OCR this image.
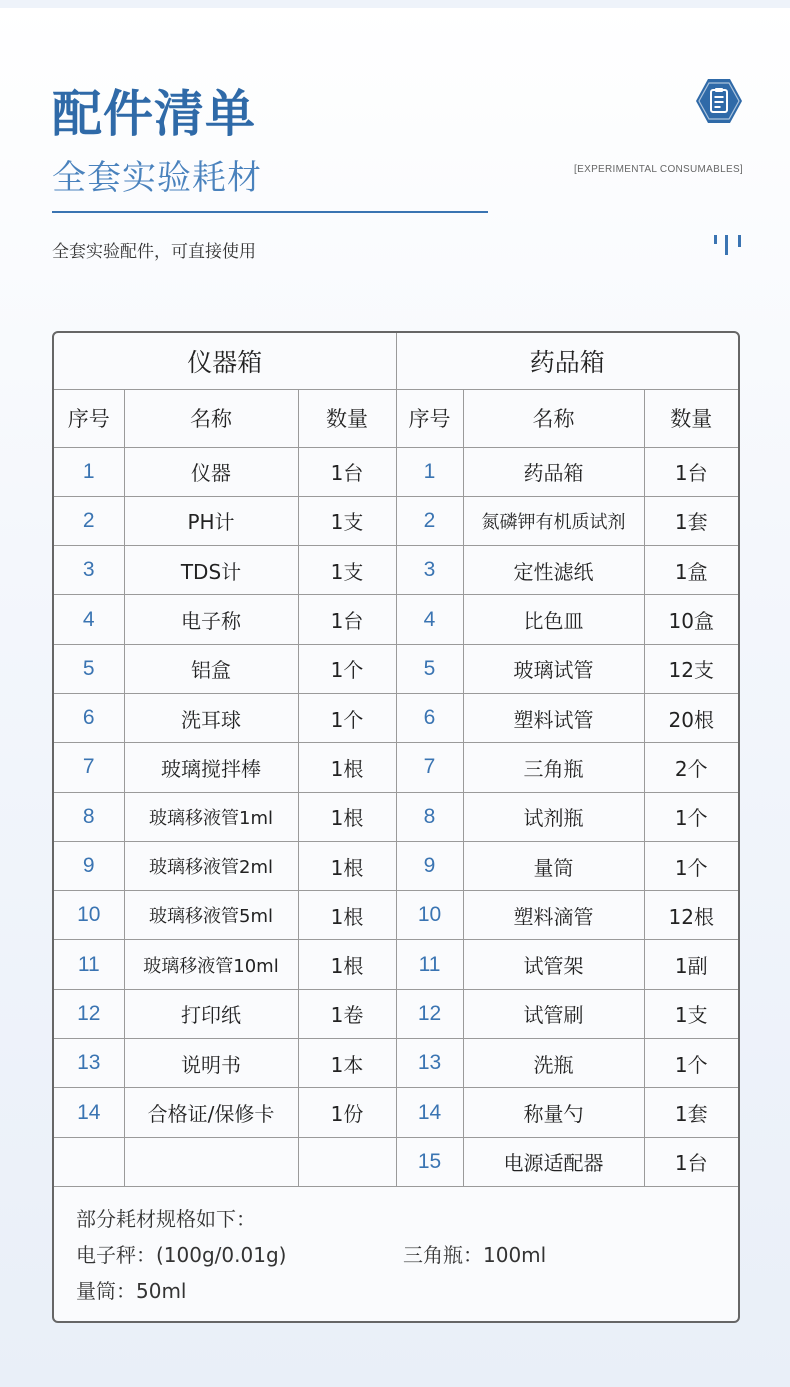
配件清单
全套实验耗材	[EXPERIMENTAL CONSUMABLES]
全套实验配件，可直接使用
仪器箱			药品箱		
序号	名称	数量	序号	名称	数量
1	仪器	1台	1	药品箱	1台
2	PH计	1支	2	氮磷钾有机质试剂	1套
3	TDS计	1支	3	定性滤纸	1盒
4	电子称	1台	4	比色皿	10盒
5	铝盒	1个	5	玻璃试管	12支
6	洗耳球	1个	6	塑料试管	20根
7	玻璃搅拌棒	1根	7	三角瓶	2个
8	玻璃移液管1ml	1根	8	试剂瓶	1个
9	玻璃移液管2ml	1根	9	量筒	1个
10	玻璃移液管5ml	1根	10	塑料滴管	12根
11	玻璃移液管10ml	1根	11	试管架	1副
12	打印纸	1卷	12	试管刷	1支
13	说明书	1本	13	洗瓶	1个
14	合格证/保修卡	1份	14	称量勺	1套
			15	电源适配器	1台
部分耗材规格如下：
电子秤：(100g/0.01g)	三角瓶：100ml
量筒：50ml
